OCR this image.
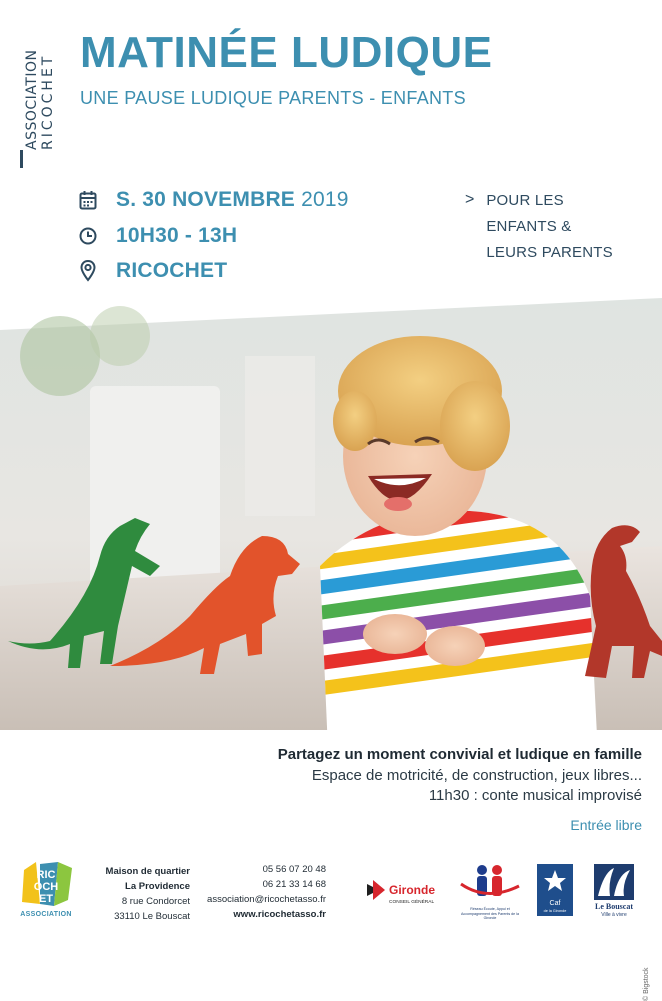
ASSOCIATION RICOCHET
MATINÉE LUDIQUE
UNE PAUSE LUDIQUE PARENTS - ENFANTS
S. 30 NOVEMBRE 2019
10H30 - 13H
RICOCHET
> POUR LES
ENFANTS &
LEURS PARENTS
© Bigstock
Partagez un moment convivial et ludique en famille
Espace de motricité, de construction, jeux libres...
11h30 : conte musical improvisé
Entrée libre
RIC
OCH
ET
ASSOCIATION
Maison de quartier
La Providence
8 rue Condorcet
33110 Le Bouscat
05 56 07 20 48
06 21 33 14 68
association@ricochetasso.fr
www.ricochetasso.fr
Gironde
CONSEIL GÉNÉRAL
Réseau Écoute, Appui et Accompagnement des Parents de la Gironde
Caf
de la Gironde	Le Bouscat
Ville à vivre
